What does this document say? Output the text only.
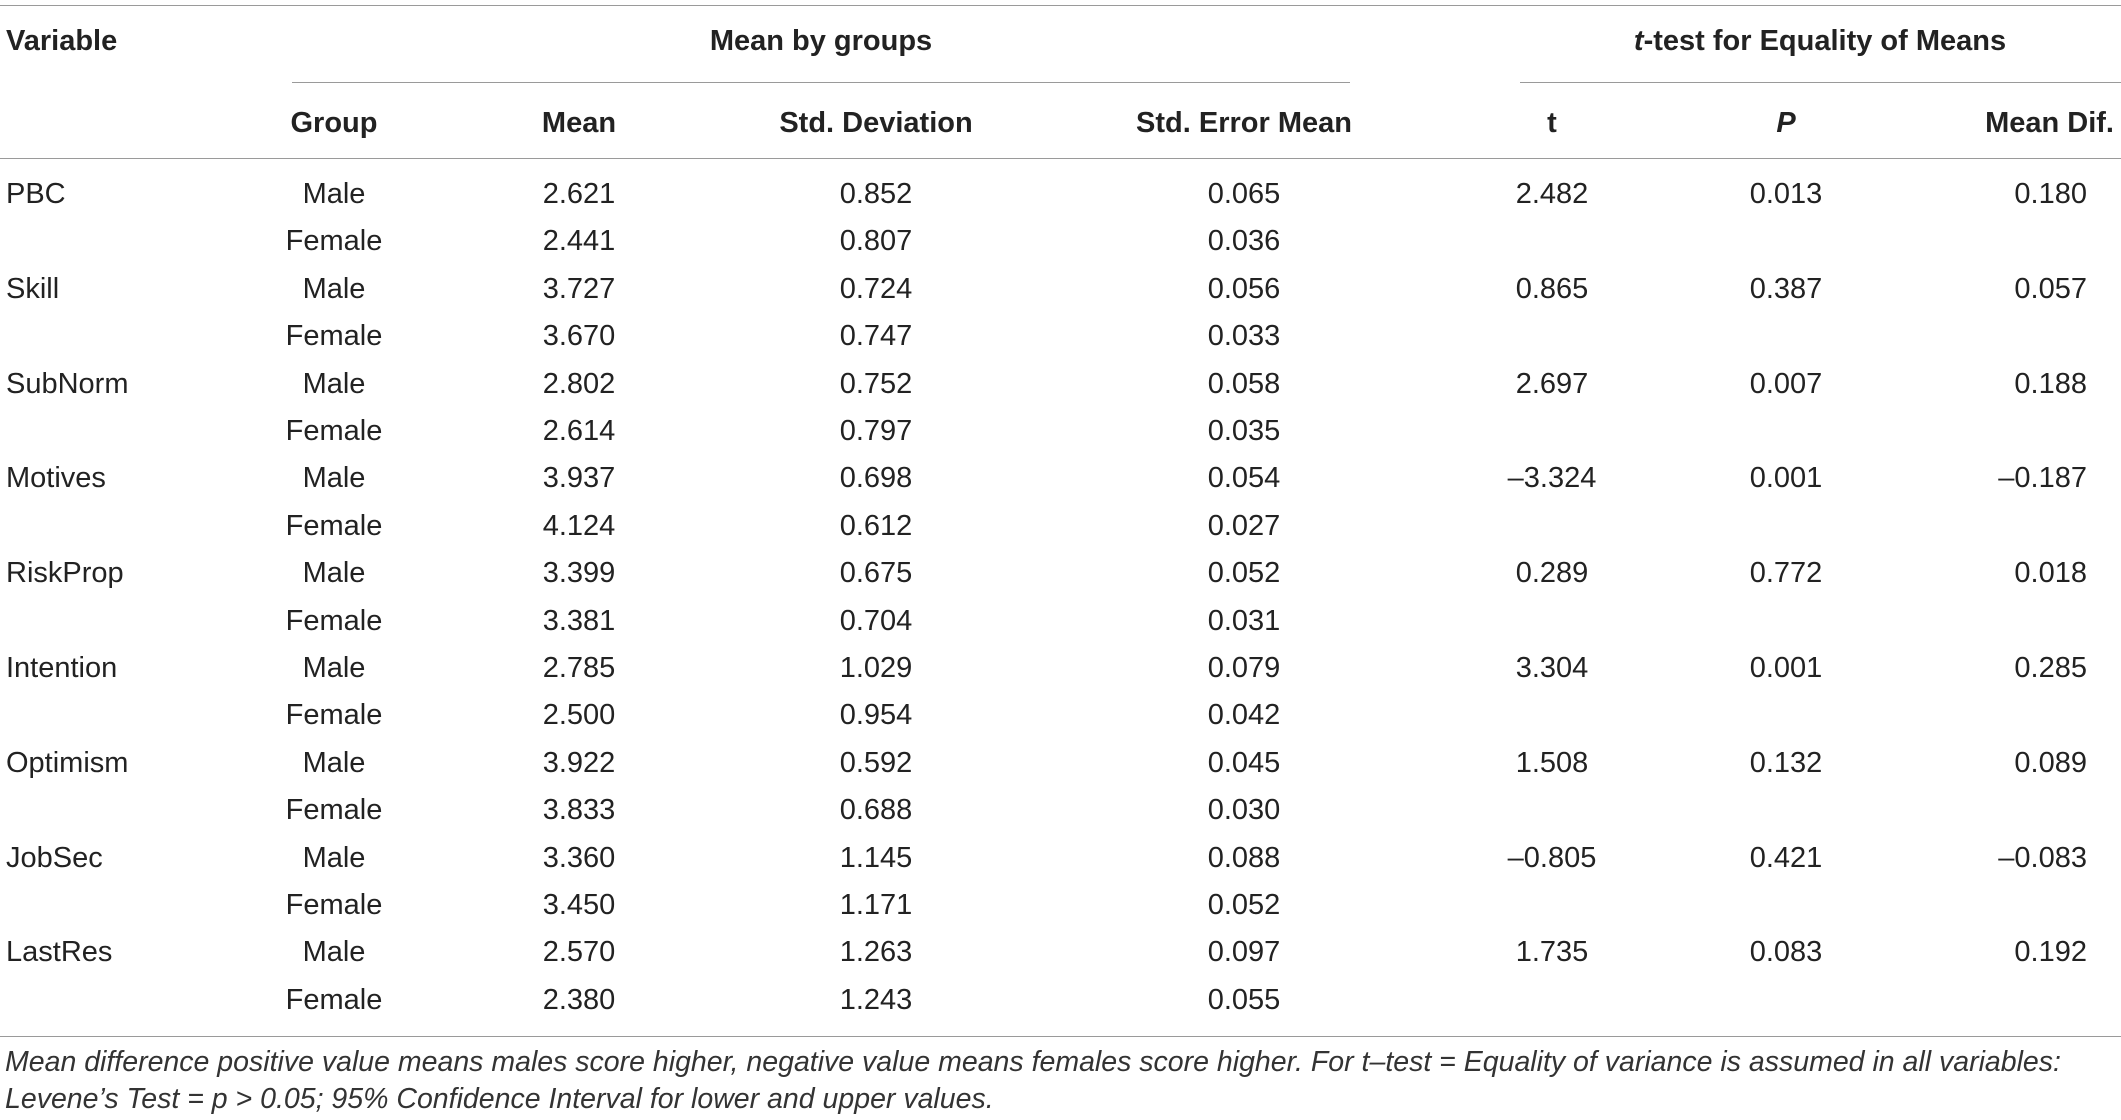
Variable	Mean by groups	t-test for Equality of Means
Group	Mean	Std. Deviation	Std. Error Mean	t	P	Mean Dif.
PBC	Male	2.621	0.852	0.065	2.482	0.013	0.180
Female	2.441	0.807	0.036
Skill	Male	3.727	0.724	0.056	0.865	0.387	0.057
Female	3.670	0.747	0.033
SubNorm	Male	2.802	0.752	0.058	2.697	0.007	0.188
Female	2.614	0.797	0.035
Motives	Male	3.937	0.698	0.054	–3.324	0.001	–0.187
Female	4.124	0.612	0.027
RiskProp	Male	3.399	0.675	0.052	0.289	0.772	0.018
Female	3.381	0.704	0.031
Intention	Male	2.785	1.029	0.079	3.304	0.001	0.285
Female	2.500	0.954	0.042
Optimism	Male	3.922	0.592	0.045	1.508	0.132	0.089
Female	3.833	0.688	0.030
JobSec	Male	3.360	1.145	0.088	–0.805	0.421	–0.083
Female	3.450	1.171	0.052
LastRes	Male	2.570	1.263	0.097	1.735	0.083	0.192
Female	2.380	1.243	0.055
Mean difference positive value means males score higher, negative value means females score higher. For t–test = Equality of variance is assumed in all variables: Levene’s Test = p > 0.05; 95% Confidence Interval for lower and upper values.
